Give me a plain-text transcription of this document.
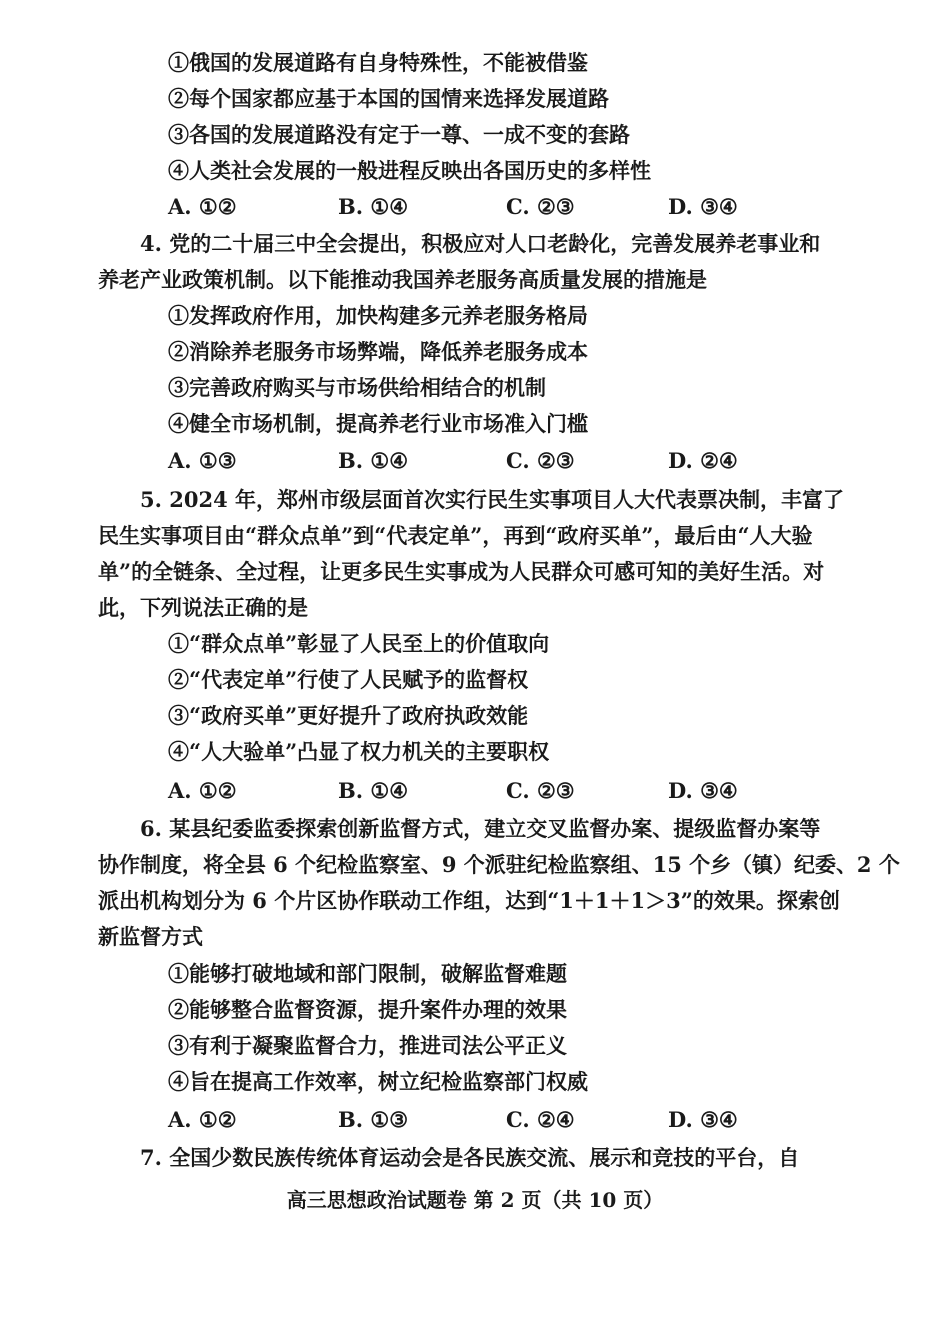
①俄国的发展道路有自身特殊性，不能被借鉴
②每个国家都应基于本国的国情来选择发展道路
③各国的发展道路没有定于一尊、一成不变的套路
④人类社会发展的一般进程反映出各国历史的多样性
A. ①②	B. ①④	C. ②③	D. ③④
4. 党的二十届三中全会提出，积极应对人口老龄化，完善发展养老事业和
养老产业政策机制。以下能推动我国养老服务高质量发展的措施是
①发挥政府作用，加快构建多元养老服务格局
②消除养老服务市场弊端，降低养老服务成本
③完善政府购买与市场供给相结合的机制
④健全市场机制，提高养老行业市场准入门槛
A. ①③	B. ①④	C. ②③	D. ②④
5. 2024 年，郑州市级层面首次实行民生实事项目人大代表票决制，丰富了
民生实事项目由“群众点单”到“代表定单”，再到“政府买单”，最后由“人大验
单”的全链条、全过程，让更多民生实事成为人民群众可感可知的美好生活。对
此，下列说法正确的是
①“群众点单”彰显了人民至上的价值取向
②“代表定单”行使了人民赋予的监督权
③“政府买单”更好提升了政府执政效能
④“人大验单”凸显了权力机关的主要职权
A. ①②	B. ①④	C. ②③	D. ③④
6. 某县纪委监委探索创新监督方式，建立交叉监督办案、提级监督办案等
协作制度，将全县 6 个纪检监察室、9 个派驻纪检监察组、15 个乡（镇）纪委、2 个
派出机构划分为 6 个片区协作联动工作组，达到“1＋1＋1＞3”的效果。探索创
新监督方式
①能够打破地域和部门限制，破解监督难题
②能够整合监督资源，提升案件办理的效果
③有利于凝聚监督合力，推进司法公平正义
④旨在提高工作效率，树立纪检监察部门权威
A. ①②	B. ①③	C. ②④	D. ③④
7. 全国少数民族传统体育运动会是各民族交流、展示和竞技的平台，自
高三思想政治试题卷 第 2 页（共 10 页）
